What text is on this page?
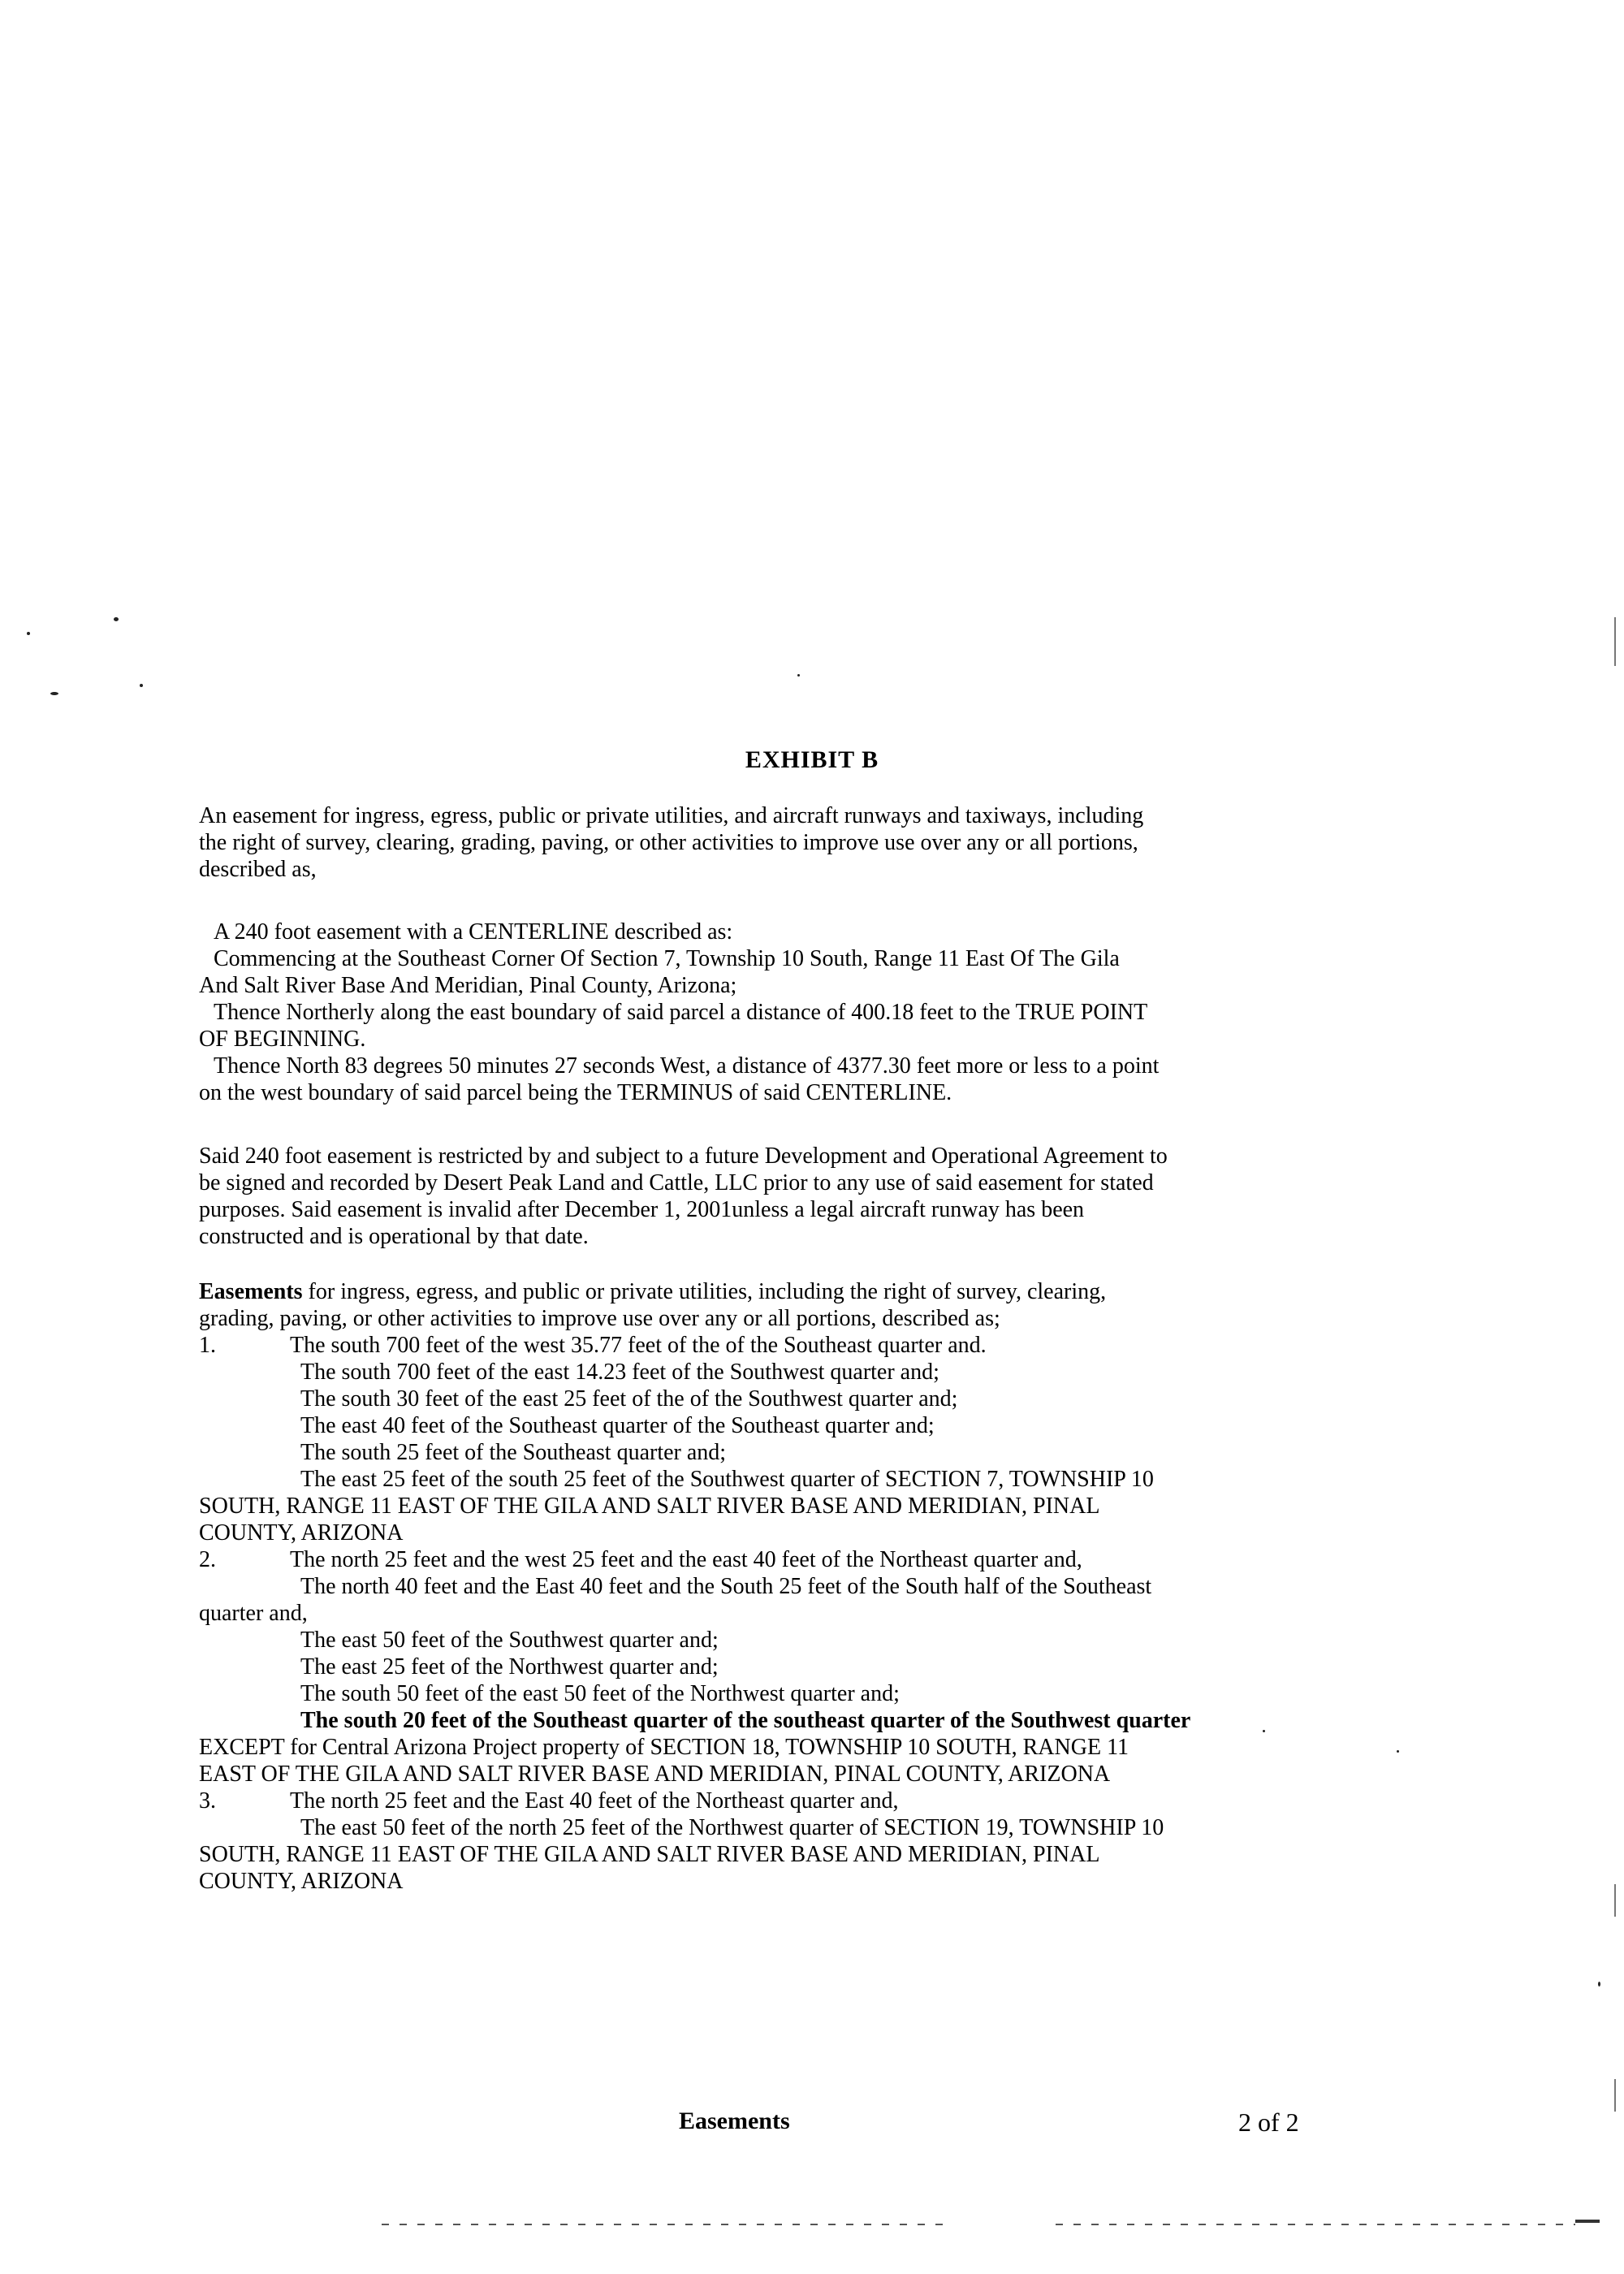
EXHIBIT B
An easement for ingress, egress, public or private utilities, and aircraft runways and taxiways, including
the right of survey, clearing, grading, paving, or other activities to improve use over any or all portions,
described as,
A 240 foot easement with a CENTERLINE described as:
Commencing at the Southeast Corner Of Section 7, Township 10 South, Range 11 East Of The Gila
And Salt River Base And Meridian, Pinal County, Arizona;
Thence Northerly along the east boundary of said parcel a distance of 400.18 feet to the TRUE POINT
OF BEGINNING.
Thence North 83 degrees 50 minutes 27 seconds West, a distance of 4377.30 feet more or less to a point
on the west boundary of said parcel being the TERMINUS of said CENTERLINE.
Said 240 foot easement is restricted by and subject to a future Development and Operational Agreement to
be signed and recorded by Desert Peak Land and Cattle, LLC prior to any use of said easement for stated
purposes. Said easement is invalid after December 1, 2001unless a legal aircraft runway has been
constructed and is operational by that date.
Easements for ingress, egress, and public or private utilities, including the right of survey, clearing,
grading, paving, or other activities to improve use over any or all portions, described as;
1.	The south 700 feet of the west 35.77 feet of the of the Southeast quarter and.
The south 700 feet of the east 14.23 feet of the Southwest quarter and;
The south 30 feet of the east 25 feet of the of the Southwest quarter and;
The east 40 feet of the Southeast quarter of the Southeast quarter and;
The south 25 feet of the Southeast quarter and;
The east 25 feet of the south 25 feet of the Southwest quarter of SECTION 7, TOWNSHIP 10
SOUTH, RANGE 11 EAST OF THE GILA AND SALT RIVER BASE AND MERIDIAN, PINAL
COUNTY, ARIZONA
2.	The north 25 feet and the west 25 feet and the east 40 feet of the Northeast quarter and,
The north 40 feet and the East 40 feet and the South 25 feet of the South half of the Southeast
quarter and,
The east 50 feet of the Southwest quarter and;
The east 25 feet of the Northwest quarter and;
The south 50 feet of the east 50 feet of the Northwest quarter and;
The south 20 feet of the Southeast quarter of the southeast quarter of the Southwest quarter
EXCEPT for Central Arizona Project property of SECTION 18, TOWNSHIP 10 SOUTH, RANGE 11
EAST OF THE GILA AND SALT RIVER BASE AND MERIDIAN, PINAL COUNTY, ARIZONA
3.	The north 25 feet and the East 40 feet of the Northeast quarter and,
The east 50 feet of the north 25 feet of the Northwest quarter of SECTION 19, TOWNSHIP 10
SOUTH, RANGE 11 EAST OF THE GILA AND SALT RIVER BASE AND MERIDIAN, PINAL
COUNTY, ARIZONA
Easements	2 of 2
